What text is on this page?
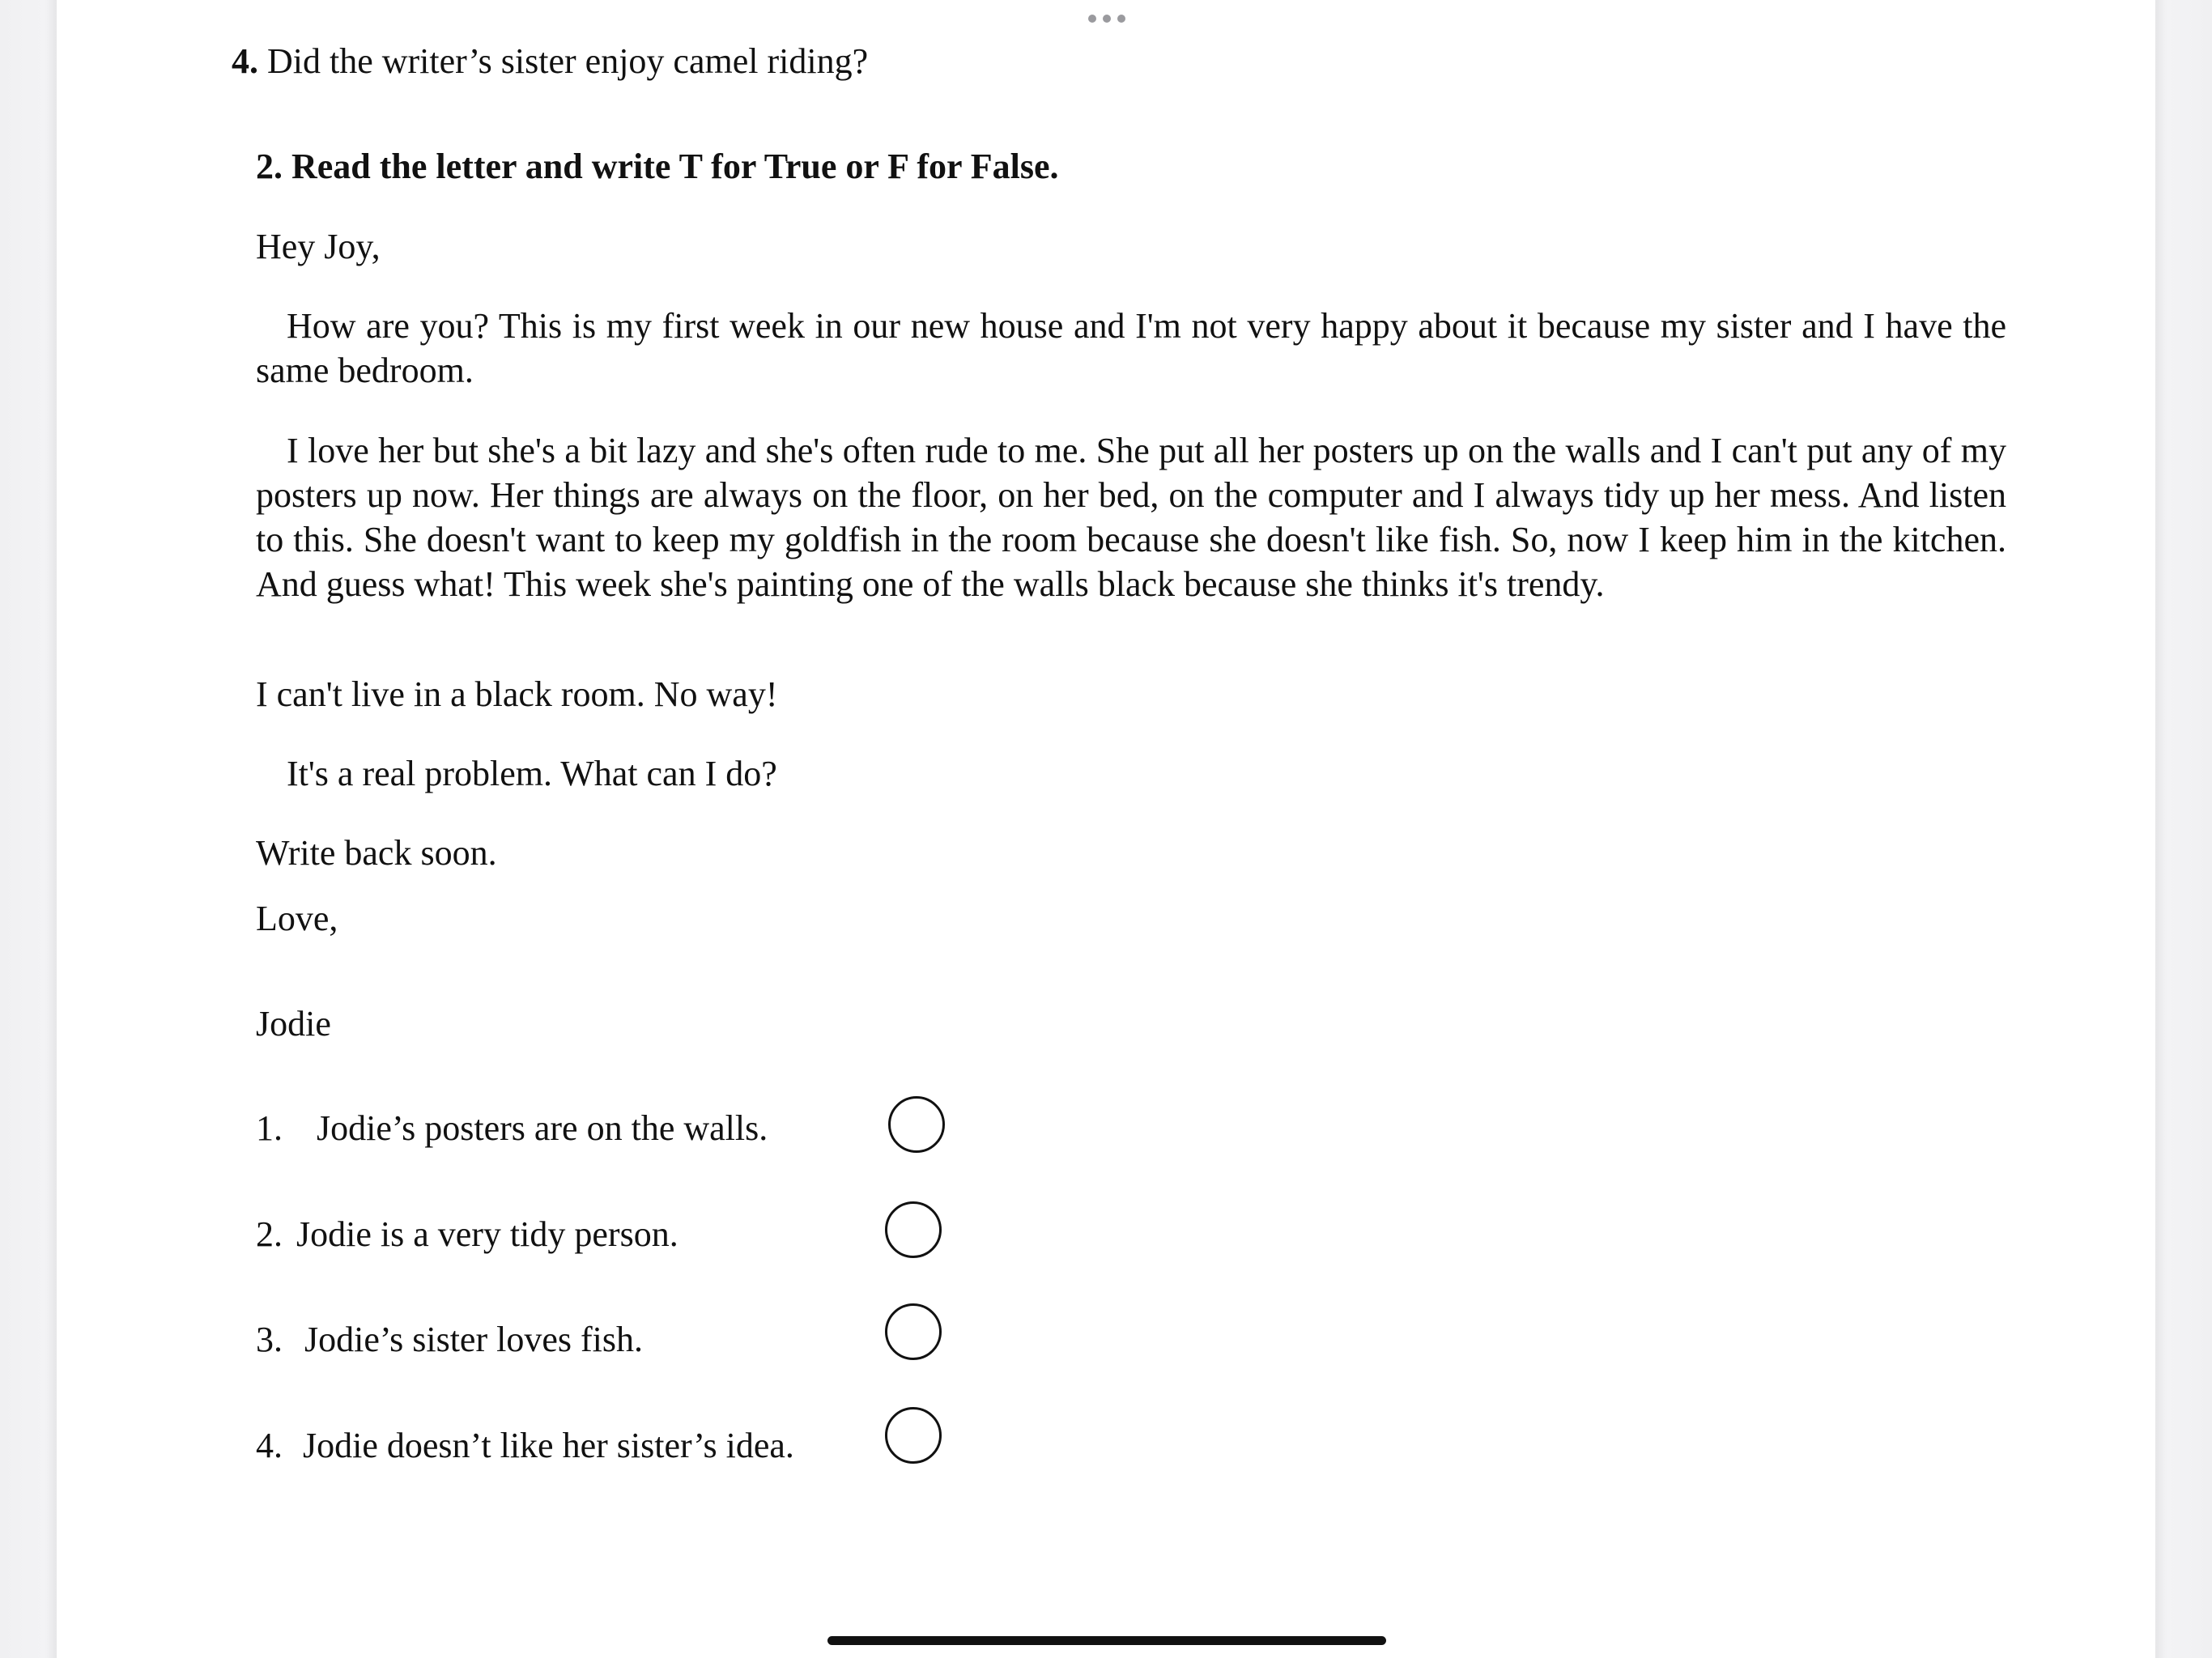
4. Did the writer’s sister enjoy camel riding?

2. Read the letter and write T for True or F for False.

Hey Joy,

How are you? This is my first week in our new house and I'm not very happy about it because my sister and I have the same bedroom.

I love her but she's a bit lazy and she's often rude to me. She put all her posters up on the walls and I can't put any of my posters up now. Her things are always on the floor, on her bed, on the computer and I always tidy up her mess. And listen to this. She doesn't want to keep my goldfish in the room because she doesn't like fish. So, now I keep him in the kitchen. And guess what! This week she's painting one of the walls black because she thinks it's trendy.

I can't live in a black room. No way!

It's a real problem. What can I do?

Write back soon.

Love,

Jodie

1. Jodie’s posters are on the walls.

2. Jodie is a very tidy person.

3. Jodie’s sister loves fish.

4. Jodie doesn’t like her sister’s idea.
